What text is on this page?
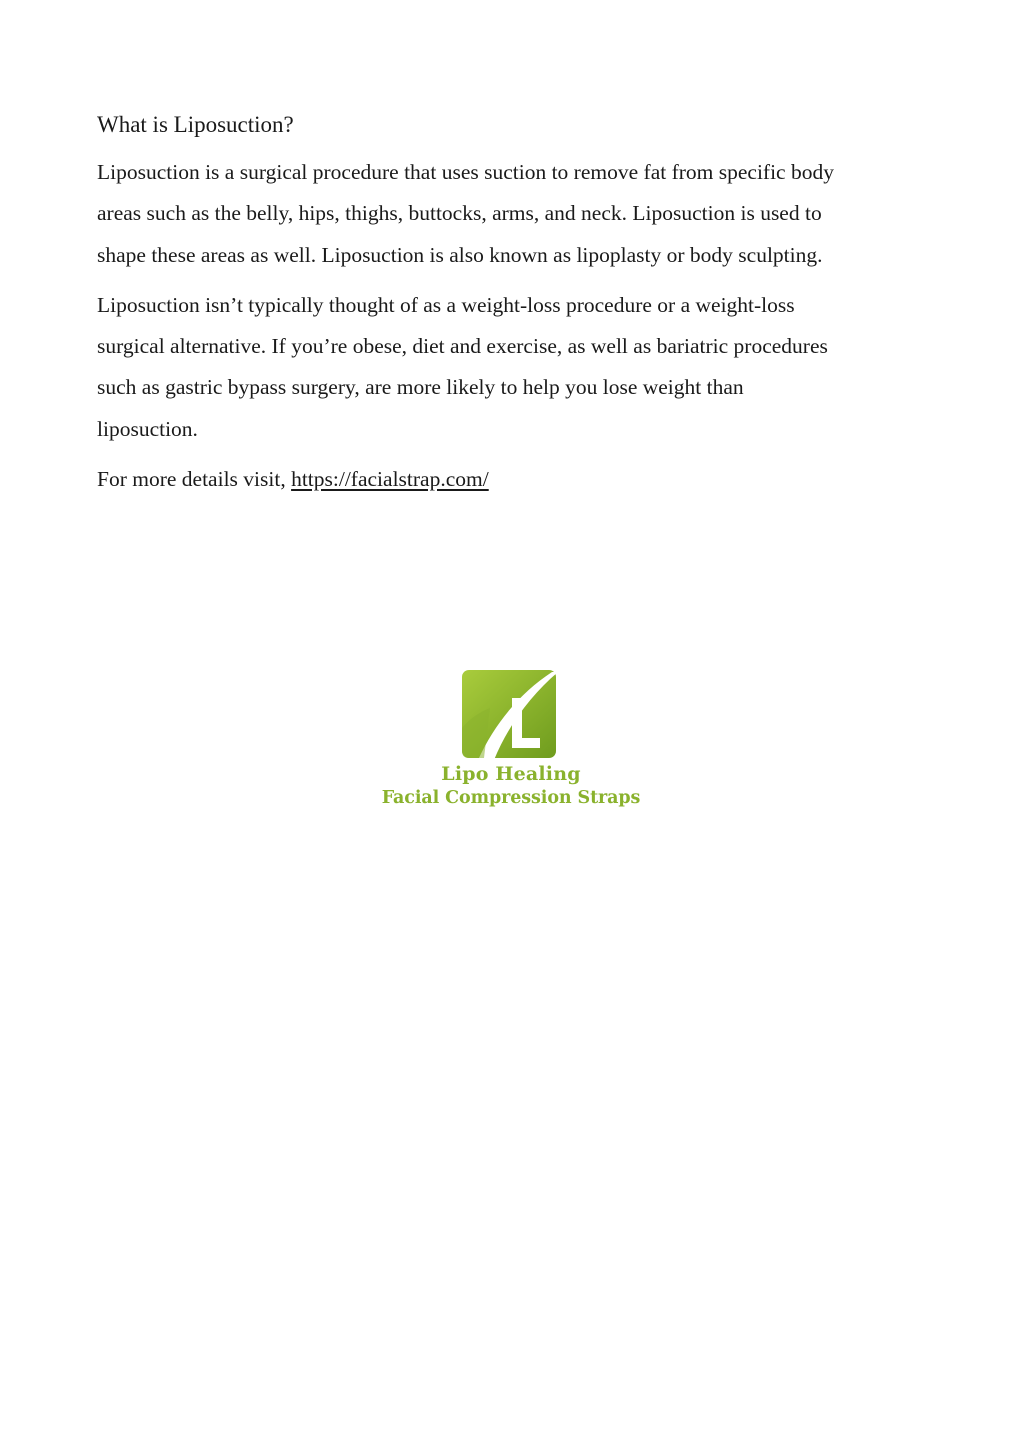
What is Liposuction?

Liposuction is a surgical procedure that uses suction to remove fat from specific body
areas such as the belly, hips, thighs, buttocks, arms, and neck. Liposuction is used to
shape these areas as well. Liposuction is also known as lipoplasty or body sculpting.

Liposuction isn’t typically thought of as a weight-loss procedure or a weight-loss
surgical alternative. If you’re obese, diet and exercise, as well as bariatric procedures
such as gastric bypass surgery, are more likely to help you lose weight than
liposuction.

For more details visit, https://facialstrap.com/

Lipo Healing
Facial Compression Straps
